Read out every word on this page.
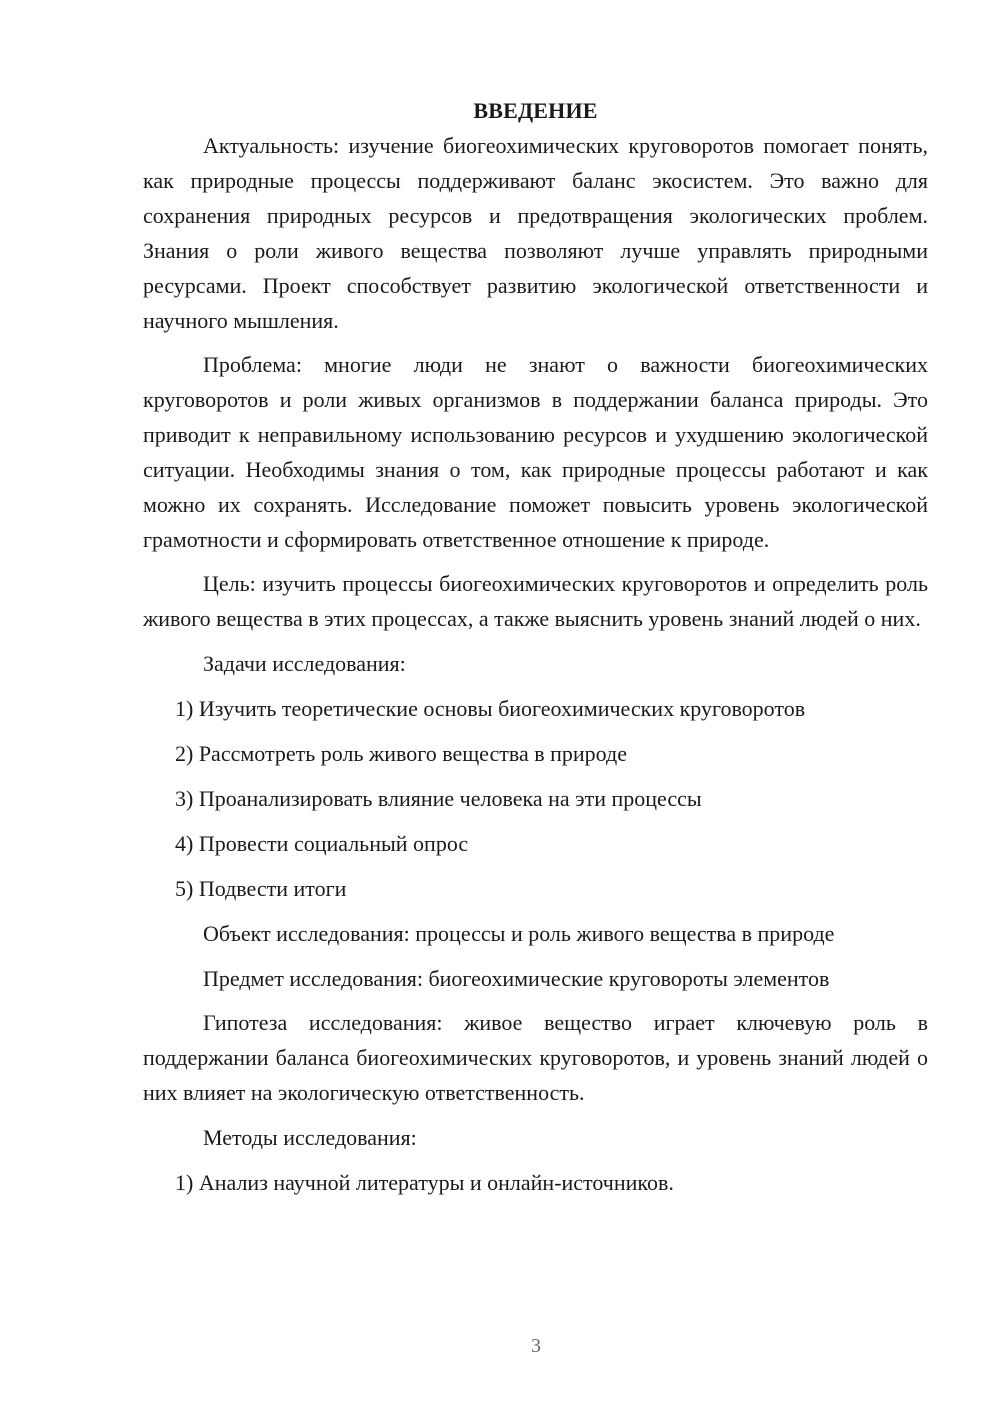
ВВЕДЕНИЕ

Актуальность: изучение биогеохимических круговоротов помогает понять, как природные процессы поддерживают баланс экосистем. Это важно для сохранения природных ресурсов и предотвращения экологических проблем. Знания о роли живого вещества позволяют лучше управлять природными ресурсами. Проект способствует развитию экологической ответственности и научного мышления.

Проблема: многие люди не знают о важности биогеохимических круговоротов и роли живых организмов в поддержании баланса природы. Это приводит к неправильному использованию ресурсов и ухудшению экологической ситуации. Необходимы знания о том, как природные процессы работают и как можно их сохранять. Исследование поможет повысить уровень экологической грамотности и сформировать ответственное отношение к природе.

Цель: изучить процессы биогеохимических круговоротов и определить роль живого вещества в этих процессах, а также выяснить уровень знаний людей о них.

Задачи исследования:

1) Изучить теоретические основы биогеохимических круговоротов

2) Рассмотреть роль живого вещества в природе

3) Проанализировать влияние человека на эти процессы

4) Провести социальный опрос

5) Подвести итоги

Объект исследования: процессы и роль живого вещества в природе

Предмет исследования: биогеохимические круговороты элементов

Гипотеза исследования: живое вещество играет ключевую роль в поддержании баланса биогеохимических круговоротов, и уровень знаний людей о них влияет на экологическую ответственность.

Методы исследования:

1) Анализ научной литературы и онлайн-источников.

3
